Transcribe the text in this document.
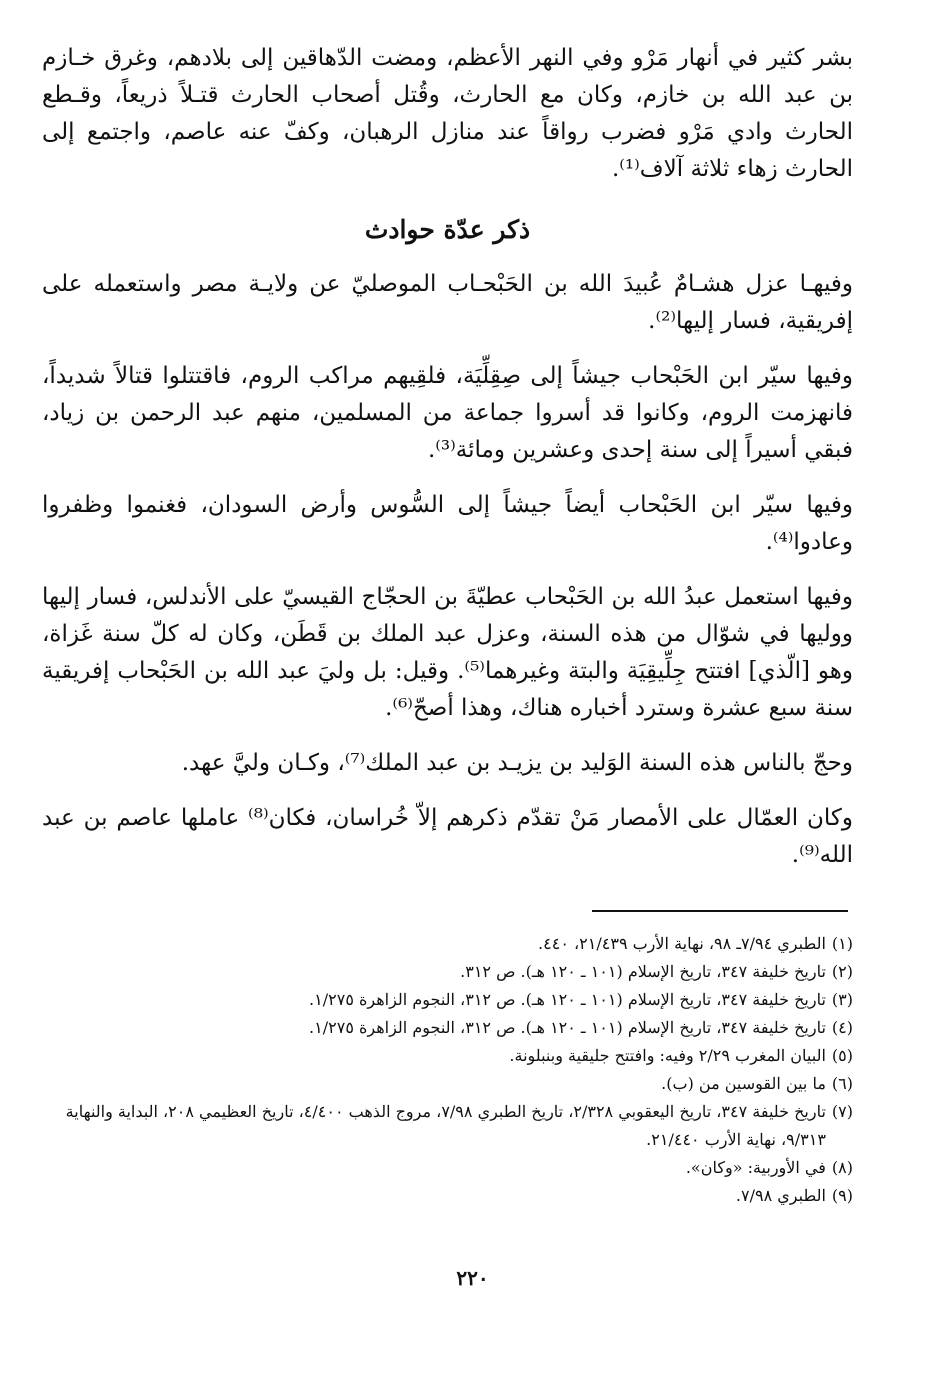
بشر كثير في أنهار مَرْو وفي النهر الأعظم، ومضت الدّهاقين إلى بلادهم، وغرق خـازم بن عبد الله بن خازم، وكان مع الحارث، وقُتل أصحاب الحارث قتـلاً ذريعاً، وقـطع الحارث وادي مَرْو فضرب رواقاً عند منازل الرهبان، وكفّ عنه عاصم، واجتمع إلى الحارث زهاء ثلاثة آلاف⁽¹⁾.

ذكر عدّة حوادث

وفيهـا عزل هشـامٌ عُبيدَ الله بن الحَبْحـاب الموصليّ عن ولايـة مصر واستعمله على إفريقية، فسار إليها⁽²⁾.

وفيها سيّر ابن الحَبْحاب جيشاً إلى صِقِلِّيَة، فلقِيهم مراكب الروم، فاقتتلوا قتالاً شديداً، فانهزمت الروم، وكانوا قد أسروا جماعة من المسلمين، منهم عبد الرحمن بن زياد، فبقي أسيراً إلى سنة إحدى وعشرين ومائة⁽³⁾.

وفيها سيّر ابن الحَبْحاب أيضاً جيشاً إلى السُّوس وأرض السودان، فغنموا وظفروا وعادوا⁽⁴⁾.

وفيها استعمل عبدُ الله بن الحَبْحاب عطيّةَ بن الحجّاج القيسيّ على الأندلس، فسار إليها ووليها في شوّال من هذه السنة، وعزل عبد الملك بن قَطَن، وكان له كلّ سنة غَزاة، وهو [الّذي] افتتح جِلِّيقِيَة والبتة وغيرهما⁽⁵⁾. وقيل: بل وليَ عبد الله بن الحَبْحاب إفريقية سنة سبع عشرة وسترد أخباره هناك، وهذا أصحّ⁽⁶⁾.

وحجّ بالناس هذه السنة الوَليد بن يزيـد بن عبد الملك⁽⁷⁾، وكـان وليَّ عهد.

وكان العمّال على الأمصار مَنْ تقدّم ذكرهم إلاّ خُراسان، فكان⁽⁸⁾ عاملها عاصم بن عبد الله⁽⁹⁾.

(١)
الطبري ٧/٩٤ـ ٩٨، نهاية الأرب ٢١/٤٣٩، ٤٤٠.
(٢)
تاريخ خليفة ٣٤٧، تاريخ الإسلام (١٠١ ـ ١٢٠ هـ). ص ٣١٢.
(٣)
تاريخ خليفة ٣٤٧، تاريخ الإسلام (١٠١ ـ ١٢٠ هـ). ص ٣١٢، النجوم الزاهرة ١/٢٧٥.
(٤)
تاريخ خليفة ٣٤٧، تاريخ الإسلام (١٠١ ـ ١٢٠ هـ). ص ٣١٢، النجوم الزاهرة ١/٢٧٥.
(٥)
البيان المغرب ٢/٢٩ وفيه: وافتتح جليقية وبنبلونة.
(٦)
ما بين القوسين من (ب).
(٧)
تاريخ خليفة ٣٤٧، تاريخ اليعقوبي ٢/٣٢٨، تاريخ الطبري ٧/٩٨، مروج الذهب ٤/٤٠٠، تاريخ العظيمي ٢٠٨، البداية والنهاية ٩/٣١٣، نهاية الأرب ٢١/٤٤٠.
(٨)
في الأوربية: «وكان».
(٩)
الطبري ٧/٩٨.
٢٢٠
